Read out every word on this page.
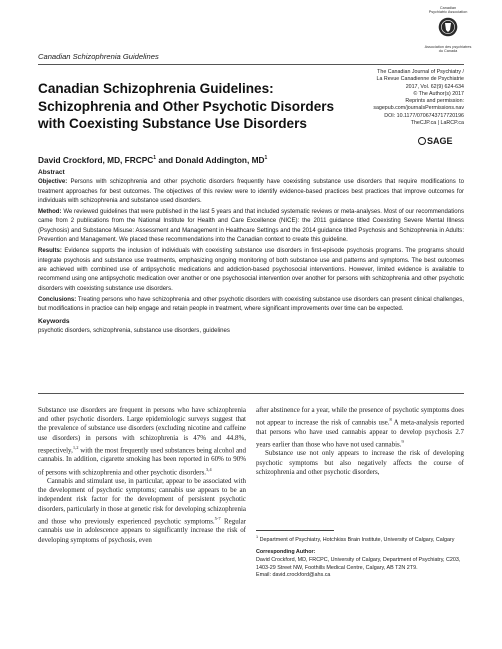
Canadian
Psychiatric Association
Association des psychiatres
du Canada
Canadian Schizophrenia Guidelines
Canadian Schizophrenia Guidelines:
Schizophrenia and Other Psychotic Disorders
with Coexisting Substance Use Disorders
The Canadian Journal of Psychiatry /
La Revue Canadienne de Psychiatrie
2017, Vol. 62(9) 624-634
© The Author(s) 2017
Reprints and permission:
sagepub.com/journalsPermissions.nav
DOI: 10.1177/0706743717720196
TheCJP.ca | LaRCP.ca
SAGE
David Crockford, MD, FRCPC$^1$ and Donald Addington, $MD^1$
Abstract

Objective: Persons with schizophrenia and other psychotic disorders frequently have coexisting substance use disorders that require modifications to treatment approaches for best outcomes. The objectives of this review were to identify evidence-based practices best practices that improve outcomes for individuals with schizophrenia and substance used disorders.

Method: We reviewed guidelines that were published in the last 5 years and that included systematic reviews or meta-analyses. Most of our recommendations came from 2 publications from the National Institute for Health and Care Excellence (NICE): the 2011 guidance titled Coexisting Severe Mental Illness (Psychosis) and Substance Misuse: Assessment and Management in Healthcare Settings and the 2014 guidance titled Psychosis and Schizophrenia in Adults: Prevention and Management. We placed these recommendations into the Canadian context to create this guideline.

Results: Evidence supports the inclusion of individuals with coexisting substance use disorders in first-episode psychosis programs. The programs should integrate psychosis and substance use treatments, emphasizing ongoing monitoring of both substance use and patterns and symptoms. The best outcomes are achieved with combined use of antipsychotic medications and addiction-based psychosocial interventions. However, limited evidence is available to recommend using one antipsychotic medication over another or one psychosocial intervention over another for persons with schizophrenia and other psychotic disorders with coexisting substance use disorders.

Conclusions: Treating persons who have schizophrenia and other psychotic disorders with coexisting substance use disorders can present clinical challenges, but modifications in practice can help engage and retain people in treatment, where significant improvements over time can be expected.

Keywords
psychotic disorders, schizophrenia, substance use disorders, guidelines

Substance use disorders are frequent in persons who have schizophrenia and other psychotic disorders. Large epidemiologic surveys suggest that the prevalence of substance use disorders (excluding nicotine and caffeine use disorders) in persons with schizophrenia is 47% and 44.8%, respectively,$^{1,2}$ with the most frequently used substances being alcohol and cannabis. In addition, cigarette smoking has been reported in 60% to 90% of persons with schizophrenia and other psychotic disorders.$^{3,4}$

Cannabis and stimulant use, in particular, appear to be associated with the development of psychotic symptoms; cannabis use appears to be an independent risk factor for the development of persistent psychotic disorders, particularly in those at genetic risk for developing schizophrenia and those who previously experienced psychotic symptoms.$^{5-7}$ Regular cannabis use in adolescence appears to significantly increase the risk of developing symptoms of psychosis, even

after abstinence for a year, while the presence of psychotic symptoms does not appear to increase the risk of cannabis use.$^8$ A meta-analysis reported that persons who have used cannabis appear to develop psychosis 2.7 years earlier than those who have not used cannabis.$^9$

Substance use not only appears to increase the risk of developing psychotic symptoms but also negatively affects the course of schizophrenia and other psychotic disorders,

$^1$ Department of Psychiatry, Hotchkiss Brain Institute, University of Calgary, Calgary

Corresponding Author:

David Crockford, MD, FRCPC, University of Calgary, Department of Psychiatry, C203, 1403-29 Street NW, Foothills Medical Centre, Calgary, AB T2N 2T9.

Email: david.crockford@ahs.ca
